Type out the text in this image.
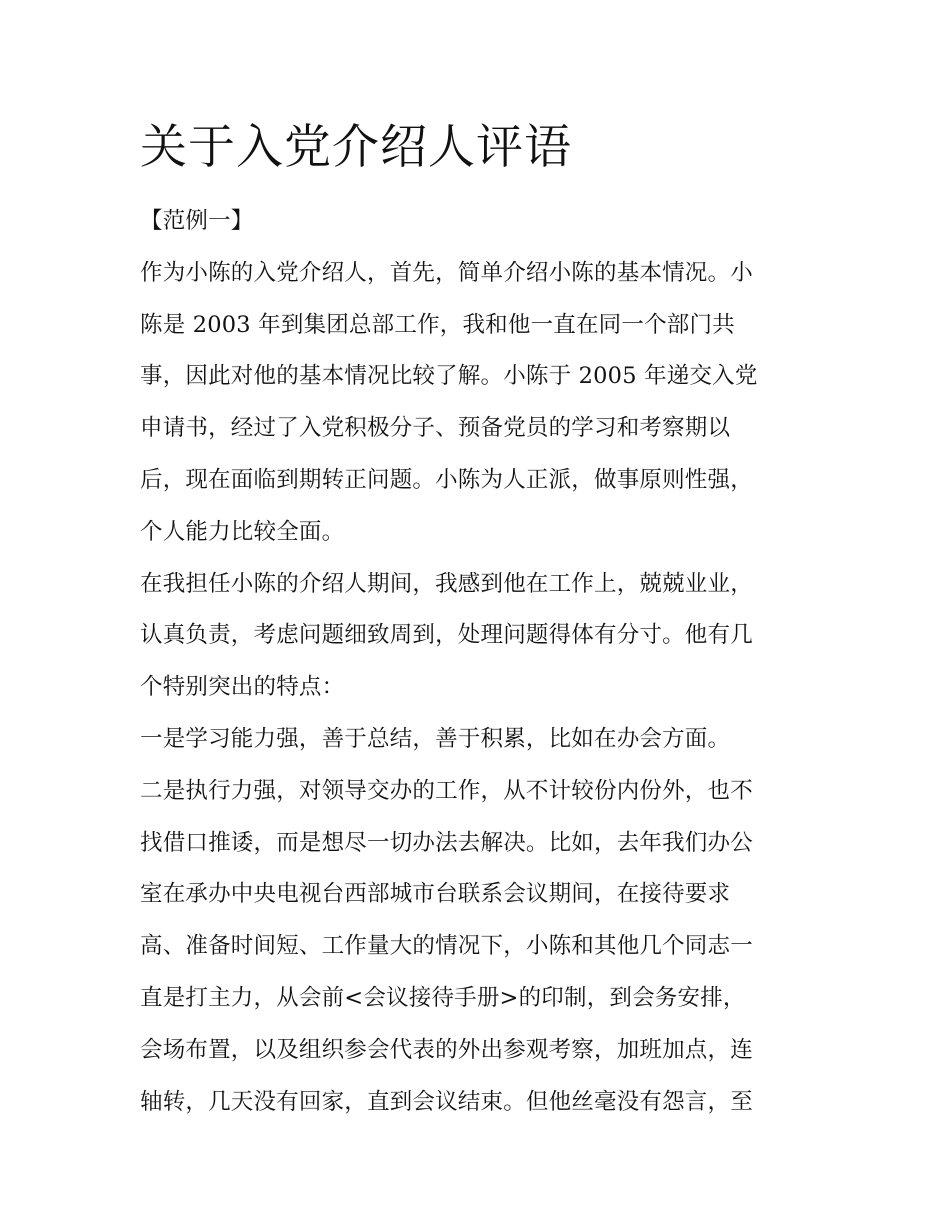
关于入党介绍人评语
【范例一】
作为小陈的入党介绍人，首先，简单介绍小陈的基本情况。小
陈是 2003 年到集团总部工作，我和他一直在同一个部门共
事，因此对他的基本情况比较了解。小陈于 2005 年递交入党
申请书，经过了入党积极分子、预备党员的学习和考察期以
后，现在面临到期转正问题。小陈为人正派，做事原则性强，
个人能力比较全面。
在我担任小陈的介绍人期间，我感到他在工作上，兢兢业业，
认真负责，考虑问题细致周到，处理问题得体有分寸。他有几
个特别突出的特点：
一是学习能力强，善于总结，善于积累，比如在办会方面。
二是执行力强，对领导交办的工作，从不计较份内份外，也不
找借口推诿，而是想尽一切办法去解决。比如，去年我们办公
室在承办中央电视台西部城市台联系会议期间，在接待要求
高、准备时间短、工作量大的情况下，小陈和其他几个同志一
直是打主力，从会前<会议接待手册>的印制，到会务安排，
会场布置，以及组织参会代表的外出参观考察，加班加点，连
轴转，几天没有回家，直到会议结束。但他丝毫没有怨言，至
